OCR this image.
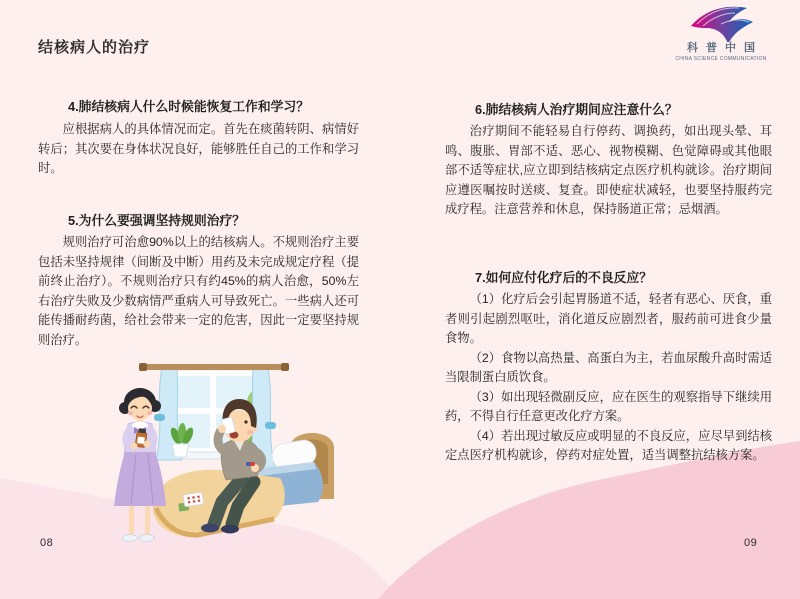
结核病人的治疗	科普中国
CHINA SCIENCE COMMUNICATION
4.肺结核病人什么时候能恢复工作和学习？

应根据病人的具体情况而定。首先在痰菌转阴、病情好转后；其次要在身体状况良好，能够胜任自己的工作和学习时。

5.为什么要强调坚持规则治疗？

规则治疗可治愈90%以上的结核病人。不规则治疗主要包括未坚持规律（间断及中断）用药及未完成规定疗程（提前终止治疗）。不规则治疗只有约45%的病人治愈，50%左右治疗失败及少数病情严重病人可导致死亡。一些病人还可能传播耐药菌，给社会带来一定的危害，因此一定要坚持规则治疗。

6.肺结核病人治疗期间应注意什么？

治疗期间不能轻易自行停药、调换药，如出现头晕、耳鸣、腹胀、胃部不适、恶心、视物模糊、色觉障碍或其他眼部不适等症状,应立即到结核病定点医疗机构就诊。治疗期间应遵医嘱按时送痰、复查。即使症状减轻，也要坚持服药完成疗程。注意营养和休息，保持肠道正常；忌烟酒。

7.如何应付化疗后的不良反应？

（1）化疗后会引起胃肠道不适，轻者有恶心、厌食，重者则引起剧烈呕吐，消化道反应剧烈者，服药前可进食少量食物。

（2）食物以高热量、高蛋白为主，若血尿酸升高时需适当限制蛋白质饮食。

（3）如出现轻微副反应，应在医生的观察指导下继续用药，不得自行任意更改化疗方案。

（4）若出现过敏反应或明显的不良反应，应尽早到结核定点医疗机构就诊，停药对症处置，适当调整抗结核方案。

08	09
